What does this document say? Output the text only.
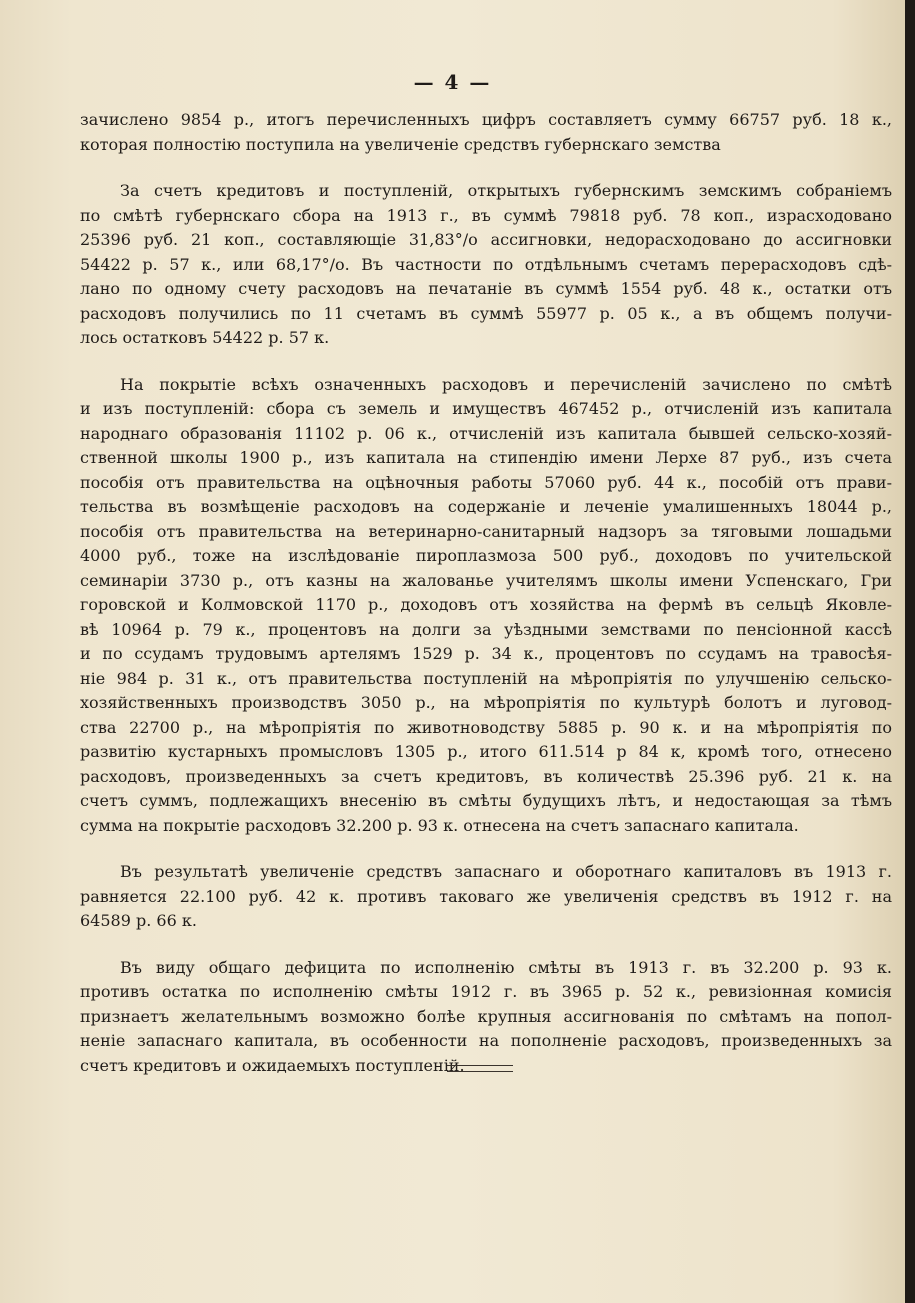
— 4 —
зачислено 9854 р., итогъ перечисленныхъ цифръ составляетъ сумму 66757 руб. 18 к.,
которая полностію поступила на увеличеніе средствъ губернскаго земства
За счетъ кредитовъ и поступленій, открытыхъ губернскимъ земскимъ собраніемъ
по смѣтѣ губернскаго сбора на 1913 г., въ суммѣ 79818 руб. 78 коп., израсходовано
25396 руб. 21 коп., составляющіе 31,83°/о ассигновки, недорасходовано до ассигновки
54422 р. 57 к., или 68,17°/о. Въ частности по отдѣльнымъ счетамъ перерасходовъ сдѣ-
лано по одному счету расходовъ на печатаніе въ суммѣ 1554 руб. 48 к., остатки отъ
расходовъ получились по 11 счетамъ въ суммѣ 55977 р. 05 к., а въ общемъ получи-
лось остатковъ 54422 р. 57 к.
На покрытіе всѣхъ означенныхъ расходовъ и перечисленій зачислено по смѣтѣ
и изъ поступленій: сбора съ земель и имуществъ 467452 р., отчисленій изъ капитала
народнаго образованія 11102 р. 06 к., отчисленій изъ капитала бывшей сельско-хозяй-
ственной школы 1900 р., изъ капитала на стипендію имени Лерхе 87 руб., изъ счета
пособія отъ правительства на оцѣночныя работы 57060 руб. 44 к., пособій отъ прави-
тельства въ возмѣщеніе расходовъ на содержаніе и леченіе умалишенныхъ 18044 р.,
пособія отъ правительства на ветеринарно-санитарный надзоръ за тяговыми лошадьми
4000 руб., тоже на изслѣдованіе пироплазмоза 500 руб., доходовъ по учительской
семинаріи 3730 р., отъ казны на жалованье учителямъ школы имени Успенскаго, Гри
горовской и Колмовской 1170 р., доходовъ отъ хозяйства на фермѣ въ сельцѣ Яковле-
вѣ 10964 р. 79 к., процентовъ на долги за уѣздными земствами по пенсіонной кассѣ
и по ссудамъ трудовымъ артелямъ 1529 р. 34 к., процентовъ по ссудамъ на травосѣя-
ніе 984 р. 31 к., отъ правительства поступленій на мѣропріятія по улучшенію сельско-
хозяйственныхъ производствъ 3050 р., на мѣропріятія по культурѣ болотъ и луговод-
ства 22700 р., на мѣропріятія по животноводству 5885 р. 90 к. и на мѣропріятія по
развитію кустарныхъ промысловъ 1305 р., итого 611.514 р 84 к, кромѣ того, отнесено
расходовъ, произведенныхъ за счетъ кредитовъ, въ количествѣ 25.396 руб. 21 к. на
счетъ суммъ, подлежащихъ внесенію въ смѣты будущихъ лѣтъ, и недостающая за тѣмъ
сумма на покрытіе расходовъ 32.200 р. 93 к. отнесена на счетъ запаснаго капитала.
Въ результатѣ увеличеніе средствъ запаснаго и оборотнаго капиталовъ въ 1913 г.
равняется 22.100 руб. 42 к. противъ таковаго же увеличенія средствъ въ 1912 г. на
64589 р. 66 к.
Въ виду общаго дефицита по исполненію смѣты въ 1913 г. въ 32.200 р. 93 к.
противъ остатка по исполненію смѣты 1912 г. въ 3965 р. 52 к., ревизіонная комисія
признаетъ желательнымъ возможно болѣе крупныя ассигнованія по смѣтамъ на попол-
неніе запаснаго капитала, въ особенности на пополненіе расходовъ, произведенныхъ за
счетъ кредитовъ и ожидаемыхъ поступленій.
